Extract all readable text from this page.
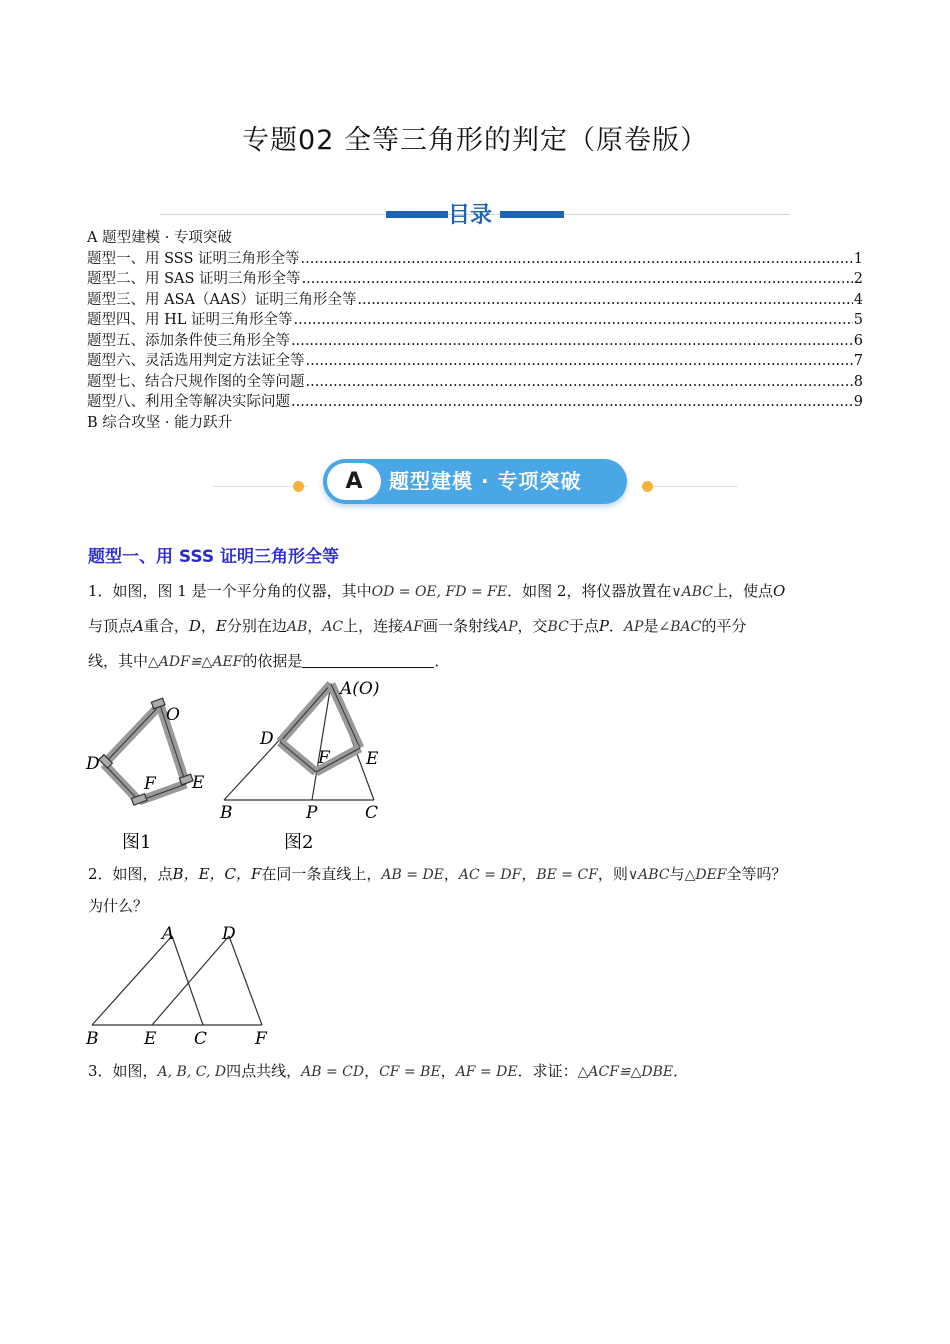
专题02 全等三角形的判定（原卷版）
目录
A 题型建模 · 专项突破
题型一、用 SSS 证明三角形全等 .....	1
题型二、用 SAS 证明三角形全等 .....	2
题型三、用 ASA（AAS）证明三角形全等 .....	4
题型四、用 HL 证明三角形全等 .....	5
题型五、添加条件使三角形全等 .....	6
题型六、灵活选用判定方法证全等 .....	7
题型七、结合尺规作图的全等问题 .....	8
题型八、利用全等解决实际问题 .....	9
B 综合攻坚 · 能力跃升
A	题型建模 · 专项突破
题型一、用 SSS 证明三角形全等
1．如图，图 1 是一个平分角的仪器，其中OD = OE, FD = FE．如图 2，将仪器放置在∨ABC上，使点O
与顶点A重合，D，E分别在边AB，AC上，连接AF画一条射线AP，交BC于点P．AP是∠BAC的平分
线，其中△ADF≌△AEF的依据是	．
O
D
F E
图1
A(O)
D
E
F
B	P	C
图2
2．如图，点B，E，C，F在同一条直线上，AB = DE，AC = DF，BE = CF，则∨ABC与△DEF全等吗？
为什么？
A	D
B	E C	F
3．如图，A, B, C, D四点共线，AB = CD，CF = BE，AF = DE．求证：△ACF≌△DBE．
